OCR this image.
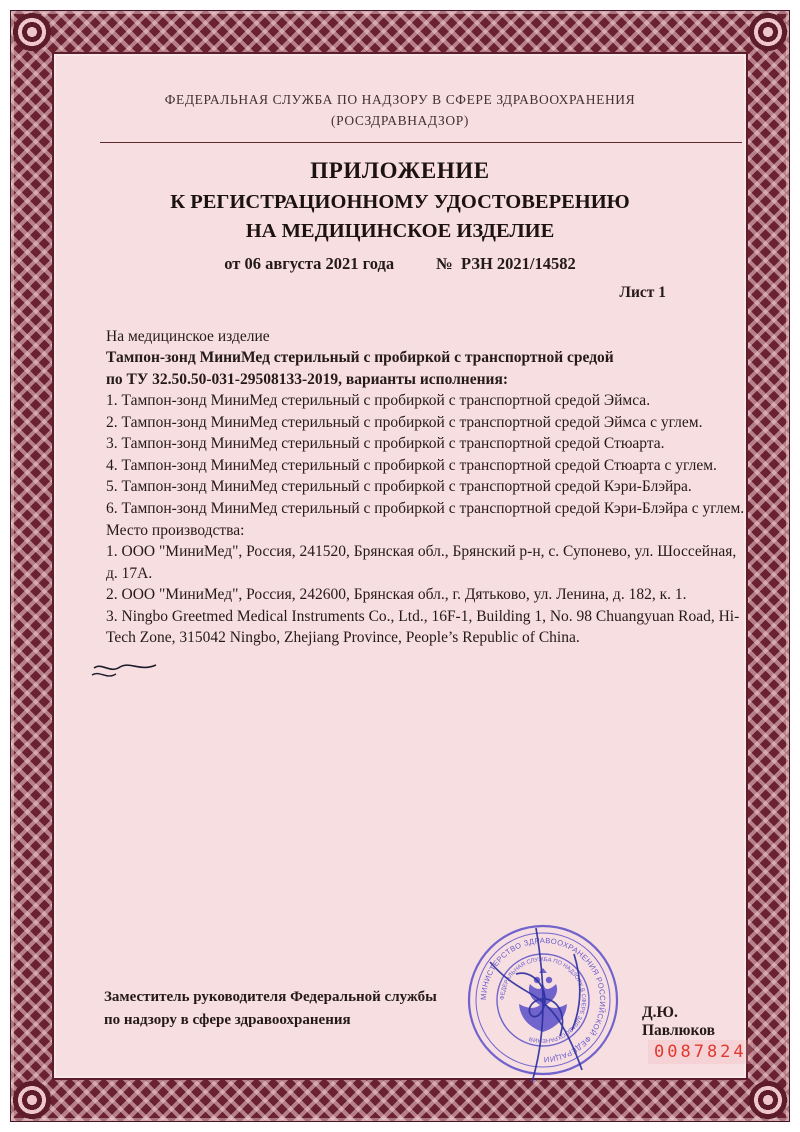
ФЕДЕРАЛЬНАЯ СЛУЖБА ПО НАДЗОРУ В СФЕРЕ ЗДРАВООХРАНЕНИЯ
(РОСЗДРАВНАДЗОР)
ПРИЛОЖЕНИЕ
К РЕГИСТРАЦИОННОМУ УДОСТОВЕРЕНИЮ
НА МЕДИЦИНСКОЕ ИЗДЕЛИЕ
от 06 августа 2021 года	№  РЗН 2021/14582
Лист 1
На медицинское изделие
Тампон-зонд МиниМед стерильный с пробиркой с транспортной средой
по ТУ 32.50.50-031-29508133-2019, варианты исполнения:
1. Тампон-зонд МиниМед стерильный с пробиркой с транспортной средой Эймса.
2. Тампон-зонд МиниМед стерильный с пробиркой с транспортной средой Эймса с углем.
3. Тампон-зонд МиниМед стерильный с пробиркой с транспортной средой Стюарта.
4. Тампон-зонд МиниМед стерильный с пробиркой с транспортной средой Стюарта с углем.
5. Тампон-зонд МиниМед стерильный с пробиркой с транспортной средой Кэри-Блэйра.
6. Тампон-зонд МиниМед стерильный с пробиркой с транспортной средой Кэри-Блэйра с углем.
Место производства:
1. ООО "МиниМед", Россия, 241520, Брянская обл., Брянский р-н, с. Супонево, ул. Шоссейная, д. 17А.
2. ООО "МиниМед", Россия, 242600, Брянская обл., г. Дятьково, ул. Ленина, д. 182, к. 1.
3. Ningbo Greetmed Medical Instruments Co., Ltd., 16F-1, Building 1, No. 98 Chuangyuan Road, Hi-Tech Zone, 315042 Ningbo, Zhejiang Province, People’s Republic of China.
Заместитель руководителя Федеральной службы
по надзору в сфере здравоохранения
МИНИСТЕРСТВО ЗДРАВООХРАНЕНИЯ РОССИЙСКОЙ ФЕДЕРАЦИИ
ФЕДЕРАЛЬНАЯ СЛУЖБА ПО НАДЗОРУ В СФЕРЕ ЗДРАВООХРАНЕНИЯ
Д.Ю. Павлюков
0087824
